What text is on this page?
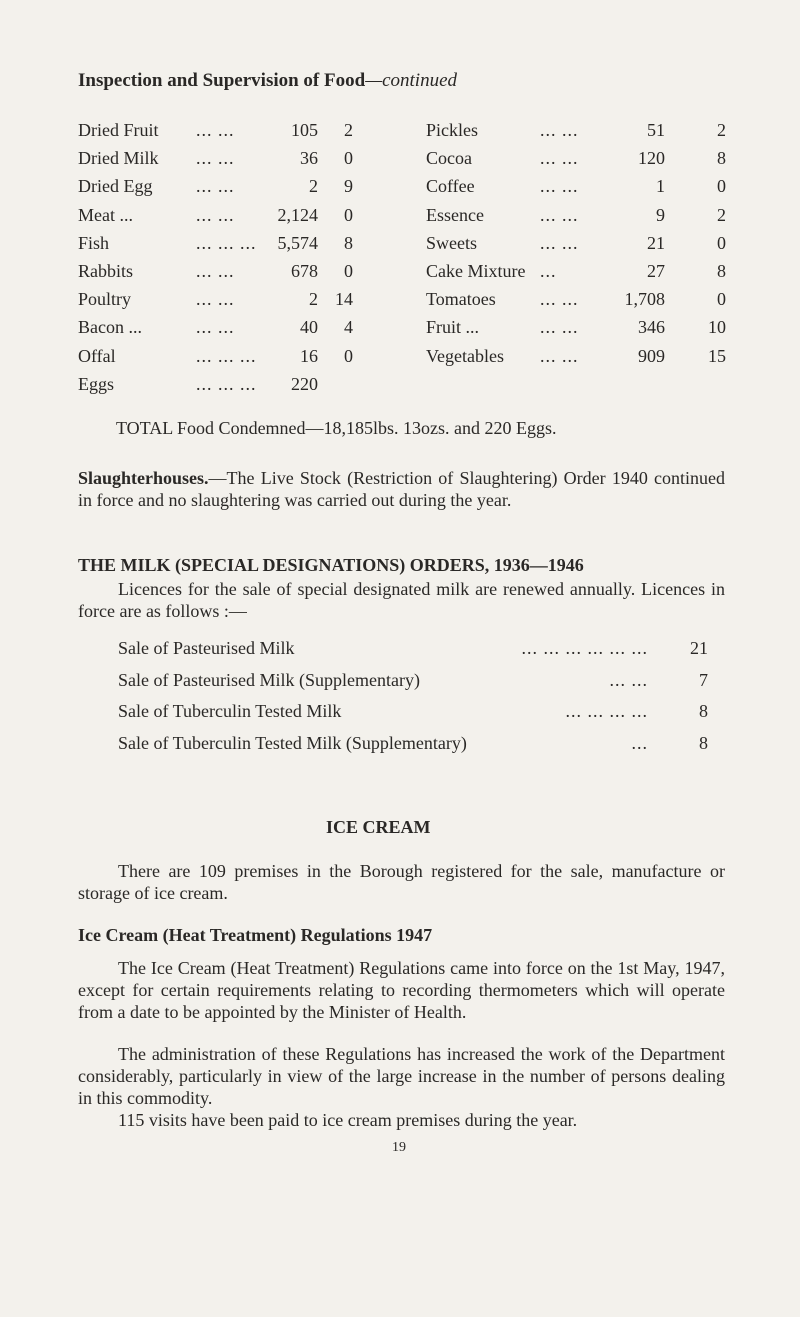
Inspection and Supervision of Food—continued
Dried Fruit ... ...	105 2
Dried Milk ... ...	36 0
Dried Egg ... ...	2 9
Meat ...	... ... 2,124 0
Fish	... ... ... 5,574 8
Rabbits	... ...	678 0
Poultry	... ...	2 14
Bacon ...	... ...	40 4
Offal	... ... ... 16 0
Eggs	... ... ... 220
Pickles	... ...	51	2
Cocoa	... ...	120	8
Coffee	... ...	1	0
Essence	... ...	9	2
Sweets	... ...	21	0
Cake Mixture ...	27	8
Tomatoes ... ...	1,708	0
Fruit ...	... ...	346 10
Vegetables ... ...	909 15
TOTAL Food Condemned—18,185lbs. 13ozs. and 220 Eggs.
Slaughterhouses.—The Live Stock (Restriction of Slaughtering) Order 1940 continued in force and no slaughtering was carried out during the year.
THE MILK (SPECIAL DESIGNATIONS) ORDERS, 1936—1946
Licences for the sale of special designated milk are renewed annually. Licences in force are as follows :—
Sale of Pasteurised Milk	... ... ... ... ... ... 21
Sale of Pasteurised Milk (Supplementary)	... ...	7
Sale of Tuberculin Tested Milk	... ... ... ...	8
Sale of Tuberculin Tested Milk (Supplementary)	...	8
ICE CREAM
There are 109 premises in the Borough registered for the sale, manufacture or storage of ice cream.
Ice Cream (Heat Treatment) Regulations 1947
The Ice Cream (Heat Treatment) Regulations came into force on the 1st May, 1947, except for certain requirements relating to recording thermometers which will operate from a date to be appointed by the Minister of Health.
The administration of these Regulations has increased the work of the Department considerably, particularly in view of the large increase in the number of persons dealing in this commodity.
115 visits have been paid to ice cream premises during the year.
19
